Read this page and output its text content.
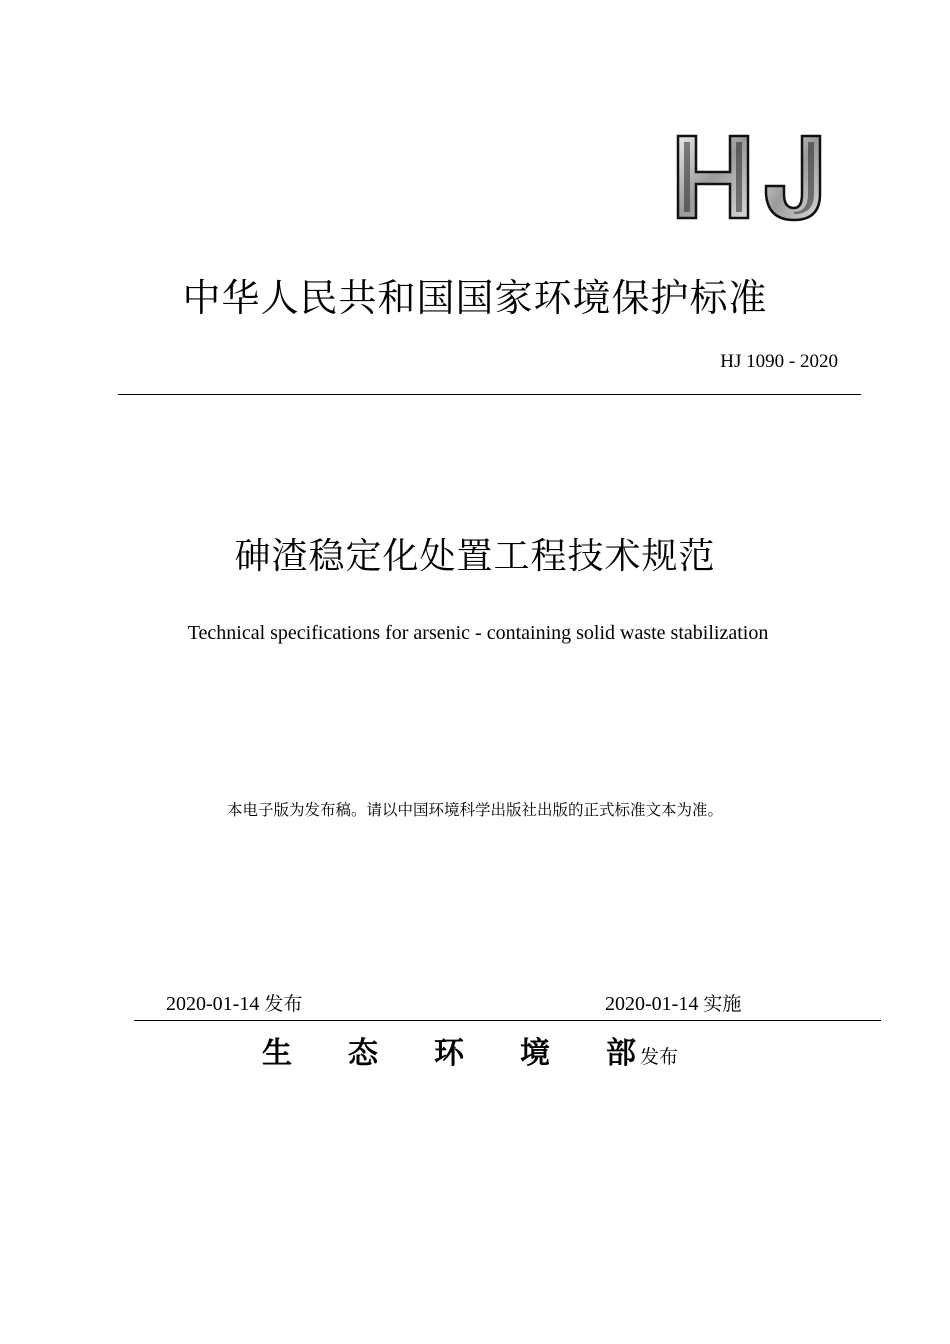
中华人民共和国国家环境保护标准
HJ 1090 - 2020
砷渣稳定化处置工程技术规范
Technical specifications for arsenic - containing solid waste stabilization
本电子版为发布稿。请以中国环境科学出版社出版的正式标准文本为准。
2020-01-14 发布	2020-01-14 实施
生态环境部 发布
